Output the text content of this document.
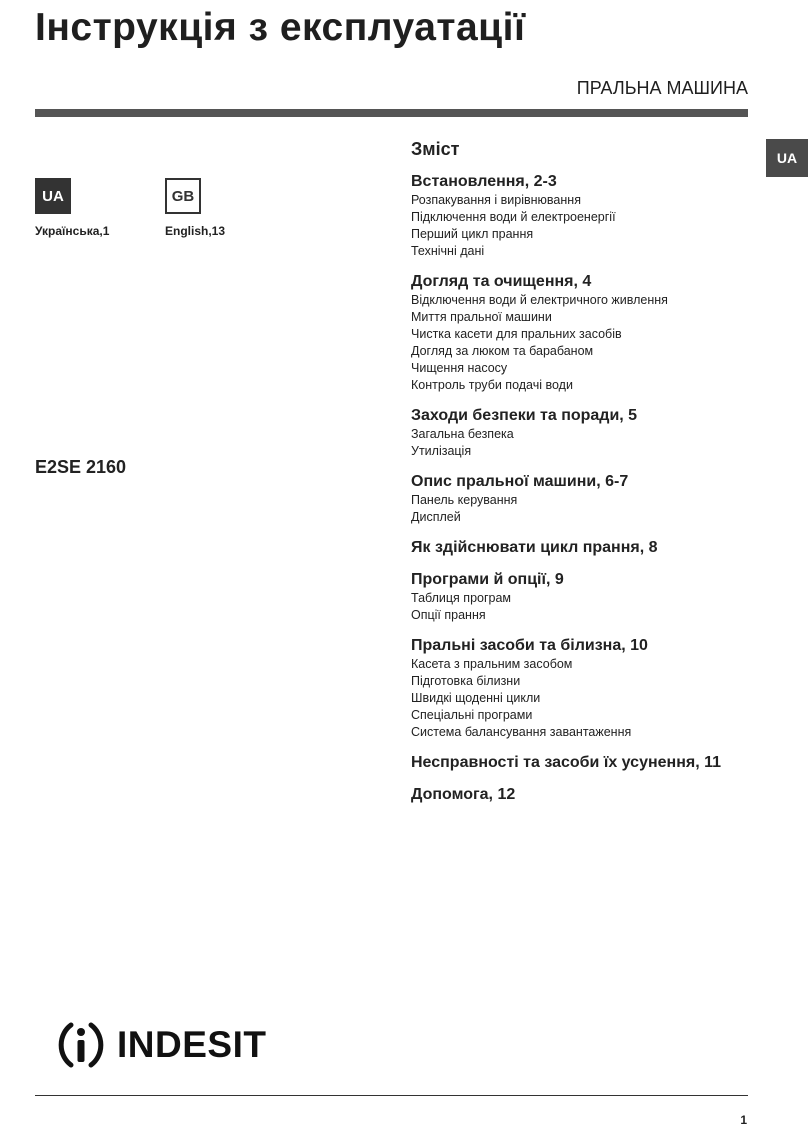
Інструкція з експлуатації
ПРАЛЬНА МАШИНА
UA
UA
Українська,1
GB
English,13
E2SE 2160
Зміст
Встановлення, 2-3
Розпакування і вирівнювання
Підключення води й електроенергії
Перший цикл прання
Технічні дані
Догляд та очищення, 4
Відключення води й електричного живлення
Миття пральної машини
Чистка касети для пральних засобів
Догляд за люком та барабаном
Чищення насосу
Контроль труби подачі води
Заходи безпеки та поради, 5
Загальна безпека
Утилізація
Опис пральної машини, 6-7
Панель керування
Дисплей
Як здійснювати цикл прання, 8
Програми й опції, 9
Таблиця програм
Опції прання
Пральні засоби та білизна, 10
Касета з пральним засобом
Підготовка білизни
Швидкі щоденні цикли
Спеціальні програми
Система балансування завантаження
Несправності та засоби їх усунення, 11
Допомога, 12
INDESIT
1
